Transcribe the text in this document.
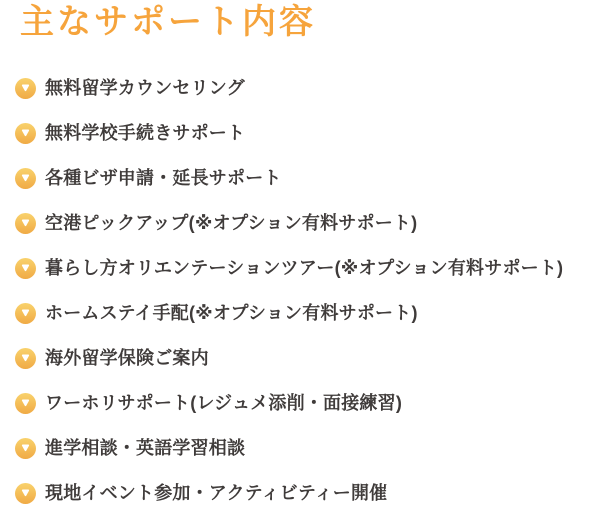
主なサポート内容
無料留学カウンセリング
無料学校手続きサポート
各種ビザ申請・延長サポート
空港ピックアップ(※オプション有料サポート)
暮らし方オリエンテーションツアー(※オプション有料サポート)
ホームステイ手配(※オプション有料サポート)
海外留学保険ご案内
ワーホリサポート(レジュメ添削・面接練習)
進学相談・英語学習相談
現地イベント参加・アクティビティー開催
